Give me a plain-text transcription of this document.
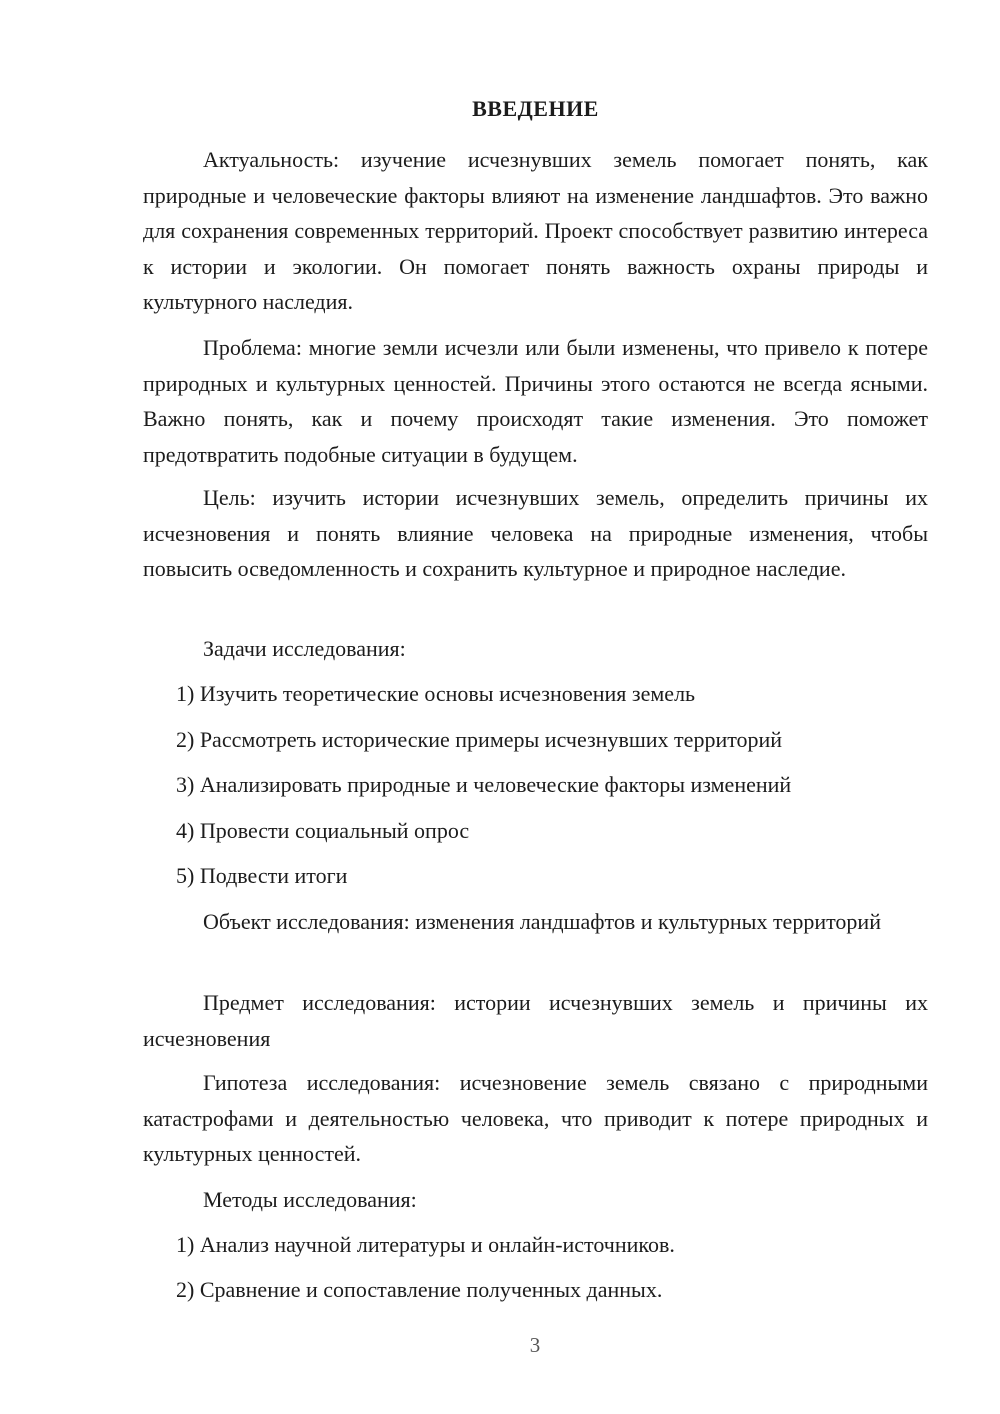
ВВЕДЕНИЕ

Актуальность: изучение исчезнувших земель помогает понять, как природные и человеческие факторы влияют на изменение ландшафтов. Это важно для сохранения современных территорий. Проект способствует развитию интереса к истории и экологии. Он помогает понять важность охраны природы и культурного наследия.

Проблема: многие земли исчезли или были изменены, что привело к потере природных и культурных ценностей. Причины этого остаются не всегда ясными. Важно понять, как и почему происходят такие изменения. Это поможет предотвратить подобные ситуации в будущем.

Цель: изучить истории исчезнувших земель, определить причины их исчезновения и понять влияние человека на природные изменения, чтобы повысить осведомленность и сохранить культурное и природное наследие.

Задачи исследования:

1) Изучить теоретические основы исчезновения земель

2) Рассмотреть исторические примеры исчезнувших территорий

3) Анализировать природные и человеческие факторы изменений

4) Провести социальный опрос

5) Подвести итоги

Объект исследования: изменения ландшафтов и культурных территорий

Предмет исследования: истории исчезнувших земель и причины их исчезновения

Гипотеза исследования: исчезновение земель связано с природными катастрофами и деятельностью человека, что приводит к потере природных и культурных ценностей.

Методы исследования:

1) Анализ научной литературы и онлайн-источников.

2) Сравнение и сопоставление полученных данных.

3
